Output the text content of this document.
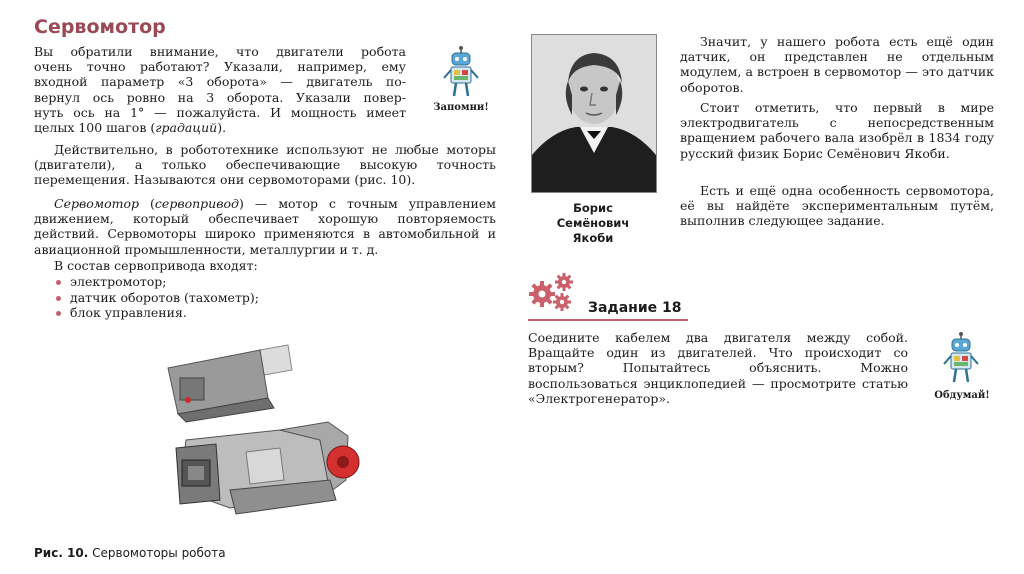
Сервомотор
Вы обратили внимание, что двигатели робота
очень точно работают? Указали, например, ему
входной параметр «3 оборота» — двигатель по-
вернул ось ровно на 3 оборота. Указали повер-
нуть ось на 1° — пожалуйста. И мощность имеет
целых 100 шагов (градаций).
Запомни!

Действительно, в робототехнике используют не любые моторы (двигатели), а только обеспечивающие высокую точность перемещения. Называются они сервомоторами (рис. 10).

Сервомотор (сервопривод) — мотор с точным управлением движением, который обеспечивает хорошую повторяемость действий. Сервомоторы широко применяются в автомобильной и авиационной промышленности, металлургии и т. д.

В состав сервопривода входят:

электромотор;
датчик оборотов (тахометр);
блок управления.
Рис. 10. Сервомоторы робота
Борис
Семёнович
Якоби

Значит, у нашего робота есть ещё один датчик, он представлен не отдельным модулем, а встроен в сервомотор — это датчик оборотов.

Стоит отметить, что первый в мире электродвигатель с непосредственным вращением рабочего вала изобрёл в 1834 году русский физик Борис Семёнович Якоби.

Есть и ещё одна особенность сервомотора, её вы найдёте экспериментальным путём, выполнив следующее задание.

Задание 18

Соедините кабелем два двигателя между собой. Вращайте один из двигателей. Что происходит со вторым? Попытайтесь объяснить. Можно воспользоваться энциклопедией — просмотрите статью «Электрогенератор».	Обдумай!
